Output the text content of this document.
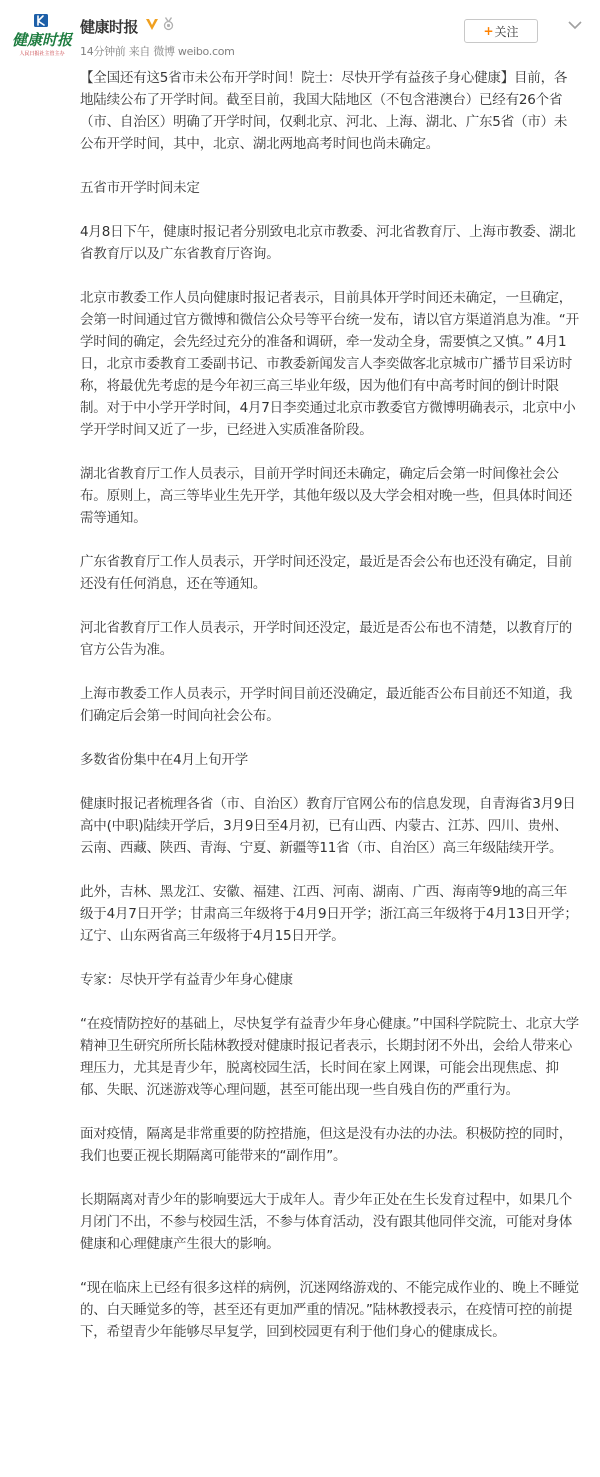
健康时报
人民日报社主管主办
健康时报
14分钟前 来自 微博 weibo.com
+ 关注

【全国还有这5省市未公布开学时间！院士：尽快开学有益孩子身心健康】目前，各地陆续公布了开学时间。截至目前，我国大陆地区（不包含港澳台）已经有26个省（市、自治区）明确了开学时间，仅剩北京、河北、上海、湖北、广东5省（市）未公布开学时间，其中，北京、湖北两地高考时间也尚未确定。

五省市开学时间未定

4月8日下午，健康时报记者分别致电北京市教委、河北省教育厅、上海市教委、湖北省教育厅以及广东省教育厅咨询。

北京市教委工作人员向健康时报记者表示，目前具体开学时间还未确定，一旦确定，会第一时间通过官方微博和微信公众号等平台统一发布，请以官方渠道消息为准。“开学时间的确定，会先经过充分的准备和调研，牵一发动全身，需要慎之又慎。” 4月1日，北京市委教育工委副书记、市教委新闻发言人李奕做客北京城市广播节目采访时称，将最优先考虑的是今年初三高三毕业年级，因为他们有中高考时间的倒计时限制。对于中小学开学时间，4月7日李奕通过北京市教委官方微博明确表示，北京中小学开学时间又近了一步，已经进入实质准备阶段。

湖北省教育厅工作人员表示，目前开学时间还未确定，确定后会第一时间像社会公布。原则上，高三等毕业生先开学，其他年级以及大学会相对晚一些，但具体时间还需等通知。

广东省教育厅工作人员表示，开学时间还没定，最近是否会公布也还没有确定，目前还没有任何消息，还在等通知。

河北省教育厅工作人员表示，开学时间还没定，最近是否公布也不清楚，以教育厅的官方公告为准。

上海市教委工作人员表示，开学时间目前还没确定，最近能否公布目前还不知道，我们确定后会第一时间向社会公布。

多数省份集中在4月上旬开学

健康时报记者梳理各省（市、自治区）教育厅官网公布的信息发现，自青海省3月9日高中(中职)陆续开学后，3月9日至4月初，已有山西、内蒙古、江苏、四川、贵州、云南、西藏、陕西、青海、宁夏、新疆等11省（市、自治区）高三年级陆续开学。

此外，吉林、黑龙江、安徽、福建、江西、河南、湖南、广西、海南等9地的高三年级于4月7日开学；甘肃高三年级将于4月9日开学；浙江高三年级将于4月13日开学；辽宁、山东两省高三年级将于4月15日开学。

专家：尽快开学有益青少年身心健康

“在疫情防控好的基础上，尽快复学有益青少年身心健康。”中国科学院院士、北京大学精神卫生研究所所长陆林教授对健康时报记者表示，长期封闭不外出，会给人带来心理压力，尤其是青少年，脱离校园生活，长时间在家上网课，可能会出现焦虑、抑郁、失眠、沉迷游戏等心理问题，甚至可能出现一些自残自伤的严重行为。

面对疫情，隔离是非常重要的防控措施，但这是没有办法的办法。积极防控的同时，我们也要正视长期隔离可能带来的“副作用”。

长期隔离对青少年的影响要远大于成年人。青少年正处在生长发育过程中，如果几个月闭门不出，不参与校园生活，不参与体育活动，没有跟其他同伴交流，可能对身体健康和心理健康产生很大的影响。

“现在临床上已经有很多这样的病例，沉迷网络游戏的、不能完成作业的、晚上不睡觉的、白天睡觉多的等，甚至还有更加严重的情况。”陆林教授表示，在疫情可控的前提下，希望青少年能够尽早复学，回到校园更有利于他们身心的健康成长。
